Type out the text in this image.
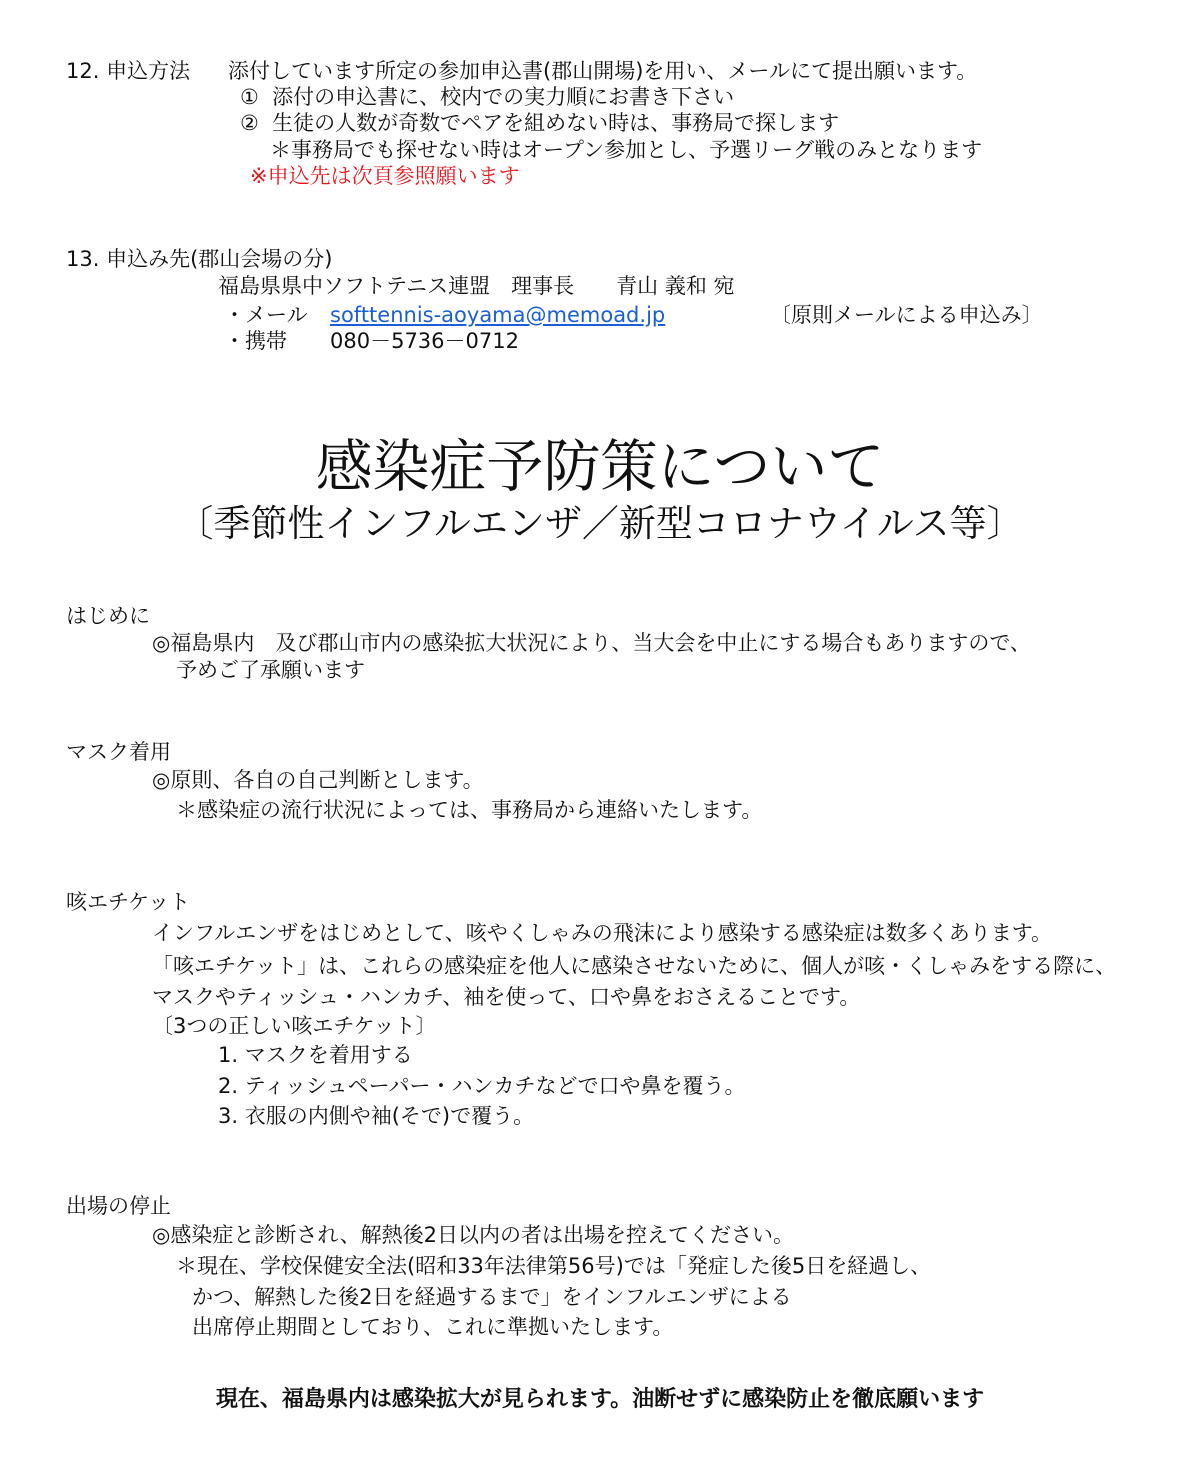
12. 申込方法 添付しています所定の参加申込書(郡山開場)を用い、メールにて提出願います。
①  添付の申込書に、校内での実力順にお書き下さい
②  生徒の人数が奇数でペアを組めない時は、事務局で探します
＊事務局でも探せない時はオープン参加とし、予選リーグ戦のみとなります
※申込先は次頁参照願います
13. 申込み先(郡山会場の分)
福島県県中ソフトテニス連盟　理事長　　青山 義和 宛
・メール softtennis-aoyama@memoad.jp	〔原則メールによる申込み〕
・携帯 080－5736－0712
感染症予防策について
〔季節性インフルエンザ／新型コロナウイルス等〕
はじめに
◎福島県内　及び郡山市内の感染拡大状況により、当大会を中止にする場合もありますので、
予めご了承願います
マスク着用
◎原則、各自の自己判断とします。
＊感染症の流行状況によっては、事務局から連絡いたします。
咳エチケット
インフルエンザをはじめとして、咳やくしゃみの飛沫により感染する感染症は数多くあります。
「咳エチケット」は、これらの感染症を他人に感染させないために、個人が咳・くしゃみをする際に、
マスクやティッシュ・ハンカチ、袖を使って、口や鼻をおさえることです。
〔3つの正しい咳エチケット〕
1. マスクを着用する
2. ティッシュペーパー・ハンカチなどで口や鼻を覆う。
3. 衣服の内側や袖(そで)で覆う。
出場の停止
◎感染症と診断され、解熱後2日以内の者は出場を控えてください。
＊現在、学校保健安全法(昭和33年法律第56号)では「発症した後5日を経過し、
かつ、解熱した後2日を経過するまで」をインフルエンザによる
出席停止期間としており、これに準拠いたします。
現在、福島県内は感染拡大が見られます。油断せずに感染防止を徹底願います
